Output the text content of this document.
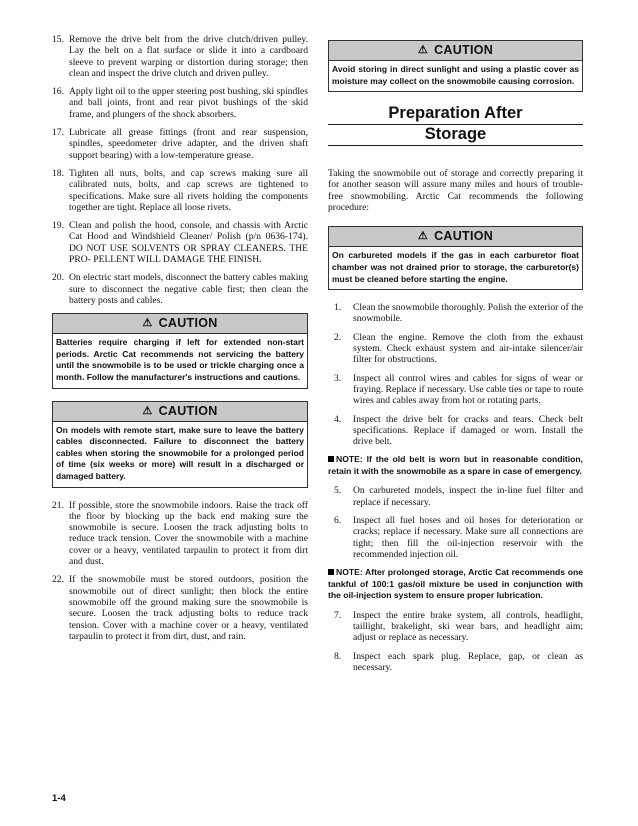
15. Remove the drive belt from the drive clutch/driven pulley. Lay the belt on a flat surface or slide it into a cardboard sleeve to prevent warping or distortion during storage; then clean and inspect the drive clutch and driven pulley.
16. Apply light oil to the upper steering post bushing, ski spindles and ball joints, front and rear pivot bushings of the skid frame, and plungers of the shock absorbers.
17. Lubricate all grease fittings (front and rear suspension, spindles, speedometer drive adapter, and the driven shaft support bearing) with a low-temperature grease.
18. Tighten all nuts, bolts, and cap screws making sure all calibrated nuts, bolts, and cap screws are tightened to specifications. Make sure all rivets holding the components together are tight. Replace all loose rivets.
19. Clean and polish the hood, console, and chassis with Arctic Cat Hood and Windshield Cleaner/ Polish (p/n 0636-174). DO NOT USE SOLVENTS OR SPRAY CLEANERS. THE PRO- PELLENT WILL DAMAGE THE FINISH.
20. On electric start models, disconnect the battery cables making sure to disconnect the negative cable first; then clean the battery posts and cables.
⚠ CAUTION
Batteries require charging if left for extended non-start periods. Arctic Cat recommends not servicing the battery until the snowmobile is to be used or trickle charging once a month. Follow the manufacturer's instructions and cautions.
⚠ CAUTION
On models with remote start, make sure to leave the battery cables disconnected. Failure to disconnect the battery cables when storing the snowmobile for a prolonged period of time (six weeks or more) will result in a discharged or damaged battery.
21. If possible, store the snowmobile indoors. Raise the track off the floor by blocking up the back end making sure the snowmobile is secure. Loosen the track adjusting bolts to reduce track tension. Cover the snowmobile with a machine cover or a heavy, ventilated tarpaulin to protect it from dirt and dust.
22. If the snowmobile must be stored outdoors, position the snowmobile out of direct sunlight; then block the entire snowmobile off the ground making sure the snowmobile is secure. Loosen the track adjusting bolts to reduce track tension. Cover with a machine cover or a heavy, ventilated tarpaulin to protect it from dirt, dust, and rain.
⚠ CAUTION
Avoid storing in direct sunlight and using a plastic cover as moisture may collect on the snowmobile causing corrosion.
Preparation After
Storage
Taking the snowmobile out of storage and correctly preparing it for another season will assure many miles and hours of trouble-free snowmobiling. Arctic Cat recommends the following procedure:
⚠ CAUTION
On carbureted models if the gas in each carburetor float chamber was not drained prior to storage, the carburetor(s) must be cleaned before starting the engine.
1.	Clean the snowmobile thoroughly. Polish the exterior of the snowmobile.
2.	Clean the engine. Remove the cloth from the exhaust system. Check exhaust system and air-intake silencer/air filter for obstructions.
3.	Inspect all control wires and cables for signs of wear or fraying. Replace if necessary. Use cable ties or tape to route wires and cables away from hot or rotating parts.
4.	Inspect the drive belt for cracks and tears. Check belt specifications. Replace if damaged or worn. Install the drive belt.
NOTE: If the old belt is worn but in reasonable condition, retain it with the snowmobile as a spare in case of emergency.
5.	On carbureted models, inspect the in-line fuel filter and replace if necessary.
6.	Inspect all fuel hoses and oil hoses for deterioration or cracks; replace if necessary. Make sure all connections are tight; then fill the oil-injection reservoir with the recommended injection oil.
NOTE: After prolonged storage, Arctic Cat recommends one tankful of 100:1 gas/oil mixture be used in conjunction with the oil-injection system to ensure proper lubrication.
7.	Inspect the entire brake system, all controls, headlight, taillight, brakelight, ski wear bars, and headlight aim; adjust or replace as necessary.
8.	Inspect each spark plug. Replace, gap, or clean as necessary.
1-4
